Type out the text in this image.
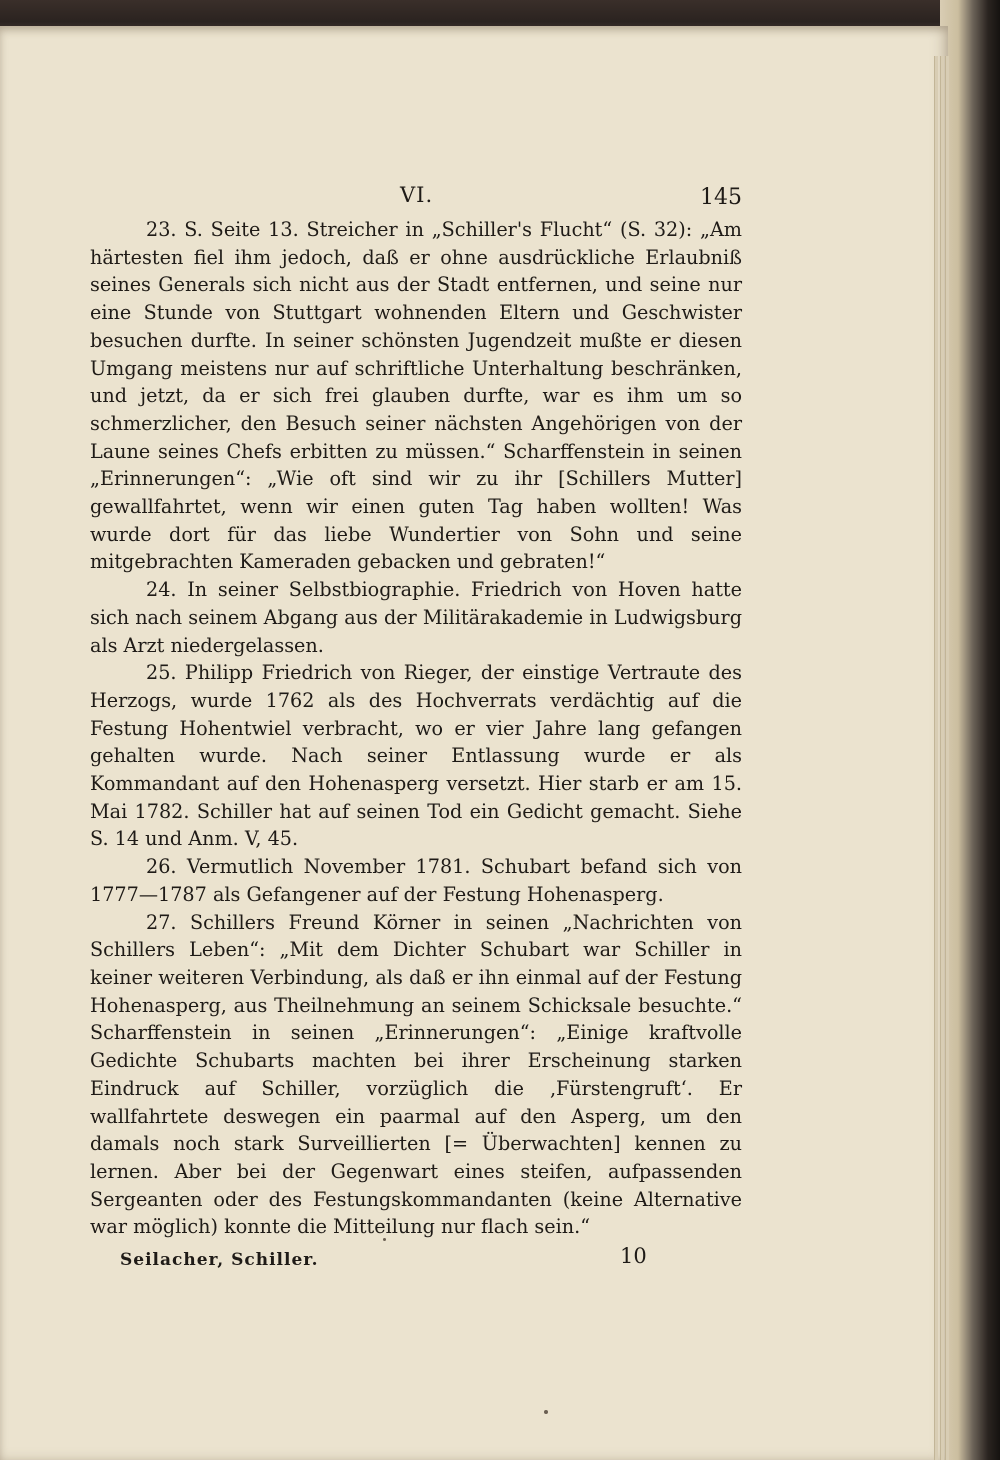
VI.	145

23. S. Seite 13. Streicher in „Schiller's Flucht“ (S. 32): „Am härtesten fiel ihm jedoch, daß er ohne ausdrückliche Erlaubniß seines Generals sich nicht aus der Stadt entfernen, und seine nur eine Stunde von Stuttgart wohnenden Eltern und Geschwister besuchen durfte. In seiner schönsten Jugendzeit mußte er diesen Umgang meistens nur auf schriftliche Unterhaltung beschränken, und jetzt, da er sich frei glauben durfte, war es ihm um so schmerzlicher, den Besuch seiner nächsten Angehörigen von der Laune seines Chefs erbitten zu müssen.“ Scharffenstein in seinen „Erinnerungen“: „Wie oft sind wir zu ihr [Schillers Mutter] gewallfahrtet, wenn wir einen guten Tag haben wollten! Was wurde dort für das liebe Wundertier von Sohn und seine mitgebrachten Kameraden gebacken und gebraten!“

24. In seiner Selbstbiographie. Friedrich von Hoven hatte sich nach seinem Abgang aus der Militärakademie in Ludwigsburg als Arzt niedergelassen.

25. Philipp Friedrich von Rieger, der einstige Vertraute des Herzogs, wurde 1762 als des Hochverrats verdächtig auf die Festung Hohentwiel verbracht, wo er vier Jahre lang gefangen gehalten wurde. Nach seiner Entlassung wurde er als Kommandant auf den Hohenasperg versetzt. Hier starb er am 15. Mai 1782. Schiller hat auf seinen Tod ein Gedicht gemacht. Siehe S. 14 und Anm. V, 45.

26. Vermutlich November 1781. Schubart befand sich von 1777—1787 als Gefangener auf der Festung Hohenasperg.

27. Schillers Freund Körner in seinen „Nachrichten von Schillers Leben“: „Mit dem Dichter Schubart war Schiller in keiner weiteren Verbindung, als daß er ihn einmal auf der Festung Hohenasperg, aus Theilnehmung an seinem Schicksale besuchte.“ Scharffenstein in seinen „Erinnerungen“: „Einige kraftvolle Gedichte Schubarts machten bei ihrer Erscheinung starken Eindruck auf Schiller, vorzüglich die ‚Fürstengruft‘. Er wallfahrtete deswegen ein paarmal auf den Asperg, um den damals noch stark Surveillierten [= Überwachten] kennen zu lernen. Aber bei der Gegenwart eines steifen, aufpassenden Sergeanten oder des Festungskommandanten (keine Alternative war möglich) konnte die Mitteilung nur flach sein.“

Seilacher, Schiller.	10
